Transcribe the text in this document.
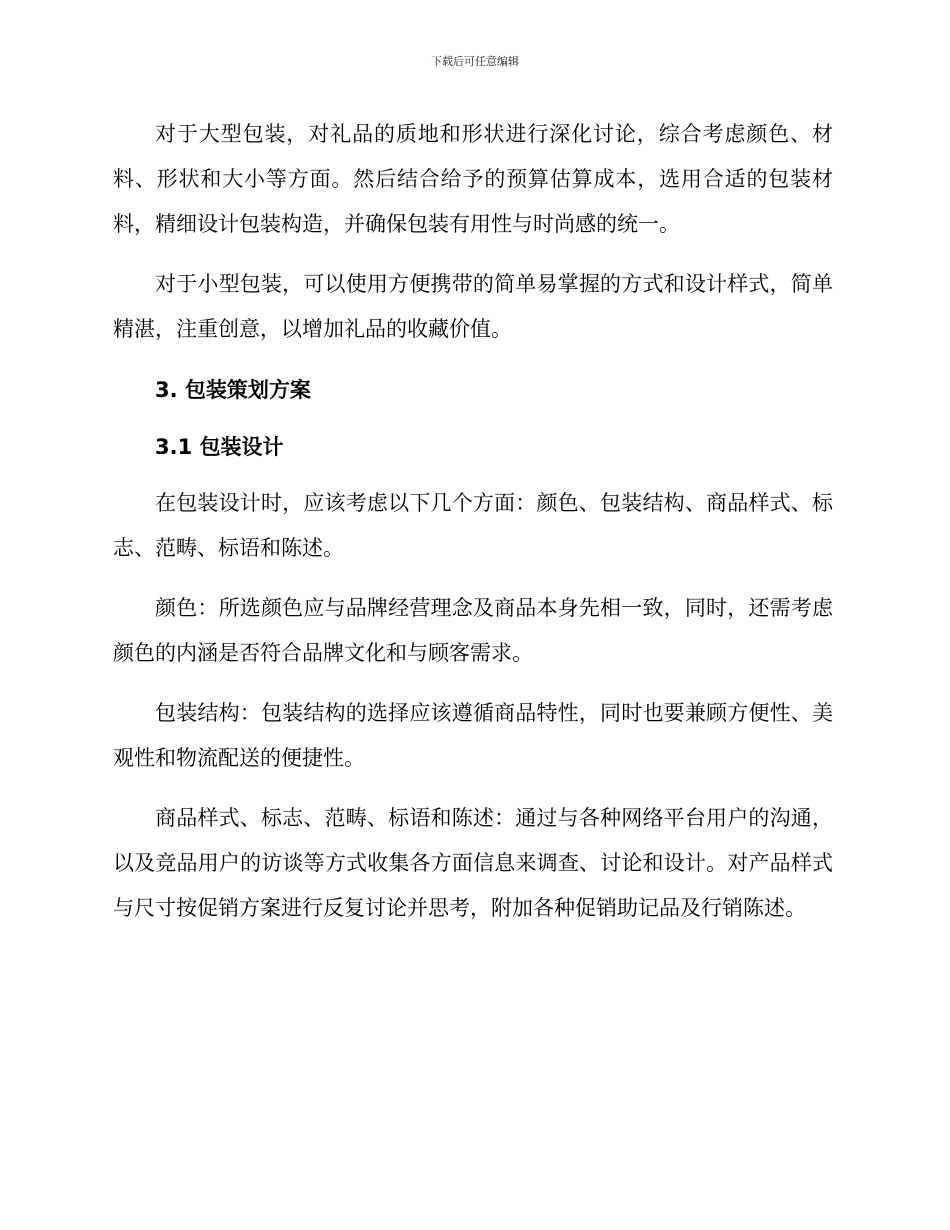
下载后可任意编辑

对于大型包装，对礼品的质地和形状进行深化讨论，综合考虑颜色、材料、形状和大小等方面。然后结合给予的预算估算成本，选用合适的包装材料，精细设计包装构造，并确保包装有用性与时尚感的统一。

对于小型包装，可以使用方便携带的简单易掌握的方式和设计样式，简单精湛，注重创意，以增加礼品的收藏价值。

3. 包装策划方案

3.1 包装设计

在包装设计时，应该考虑以下几个方面：颜色、包装结构、商品样式、标志、范畴、标语和陈述。

颜色：所选颜色应与品牌经营理念及商品本身先相一致，同时，还需考虑颜色的内涵是否符合品牌文化和与顾客需求。

包装结构：包装结构的选择应该遵循商品特性，同时也要兼顾方便性、美观性和物流配送的便捷性。

商品样式、标志、范畴、标语和陈述：通过与各种网络平台用户的沟通，以及竞品用户的访谈等方式收集各方面信息来调查、讨论和设计。对产品样式与尺寸按促销方案进行反复讨论并思考，附加各种促销助记品及行销陈述。
